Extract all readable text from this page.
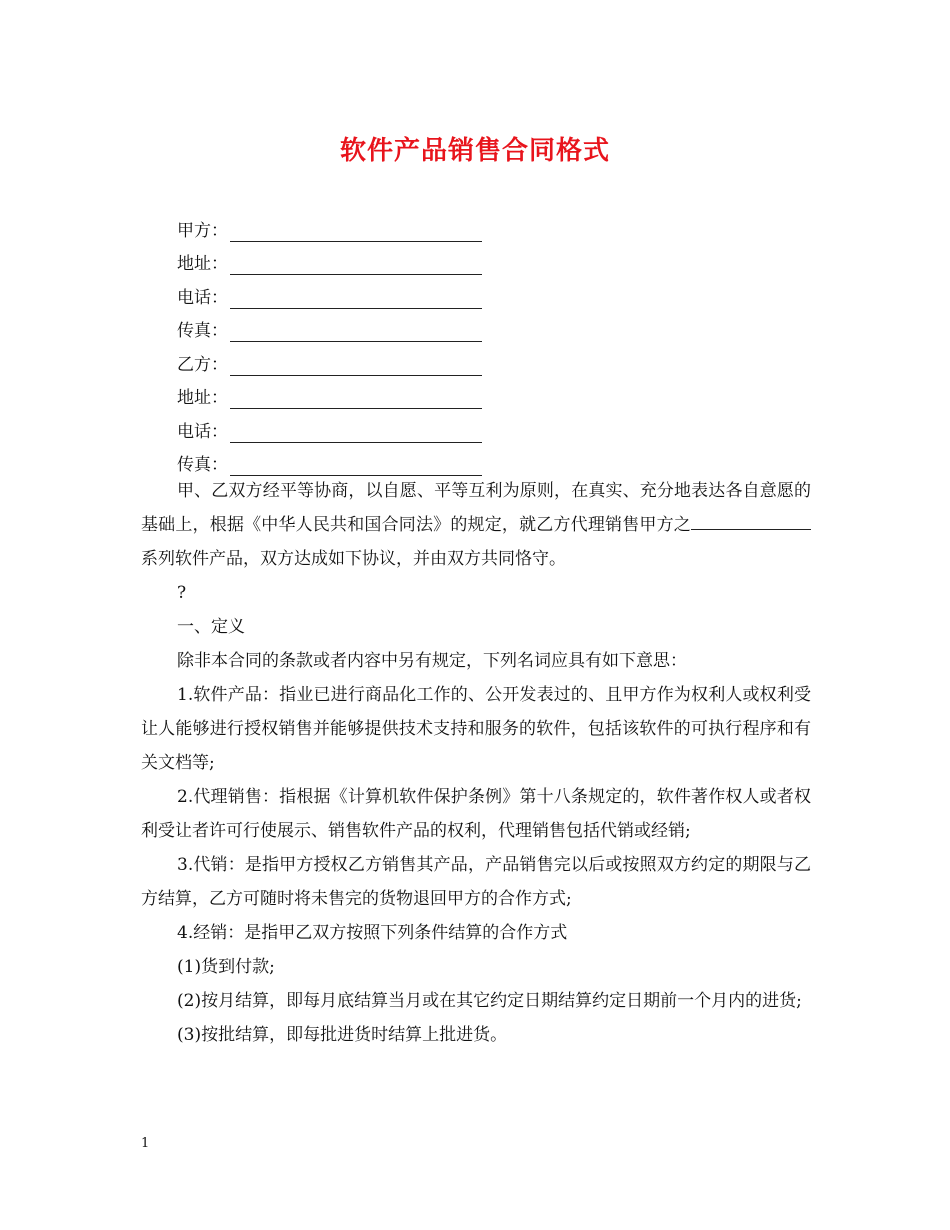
软件产品销售合同格式
甲方：
地址：
电话：
传真：
乙方：
地址：
电话：
传真：

甲、乙双方经平等协商，以自愿、平等互利为原则，在真实、充分地表达各自意愿的基础上，根据《中华人民共和国合同法》的规定，就乙方代理销售甲方之系列软件产品，双方达成如下协议，并由双方共同恪守。

?

一、定义

除非本合同的条款或者内容中另有规定，下列名词应具有如下意思：

1.软件产品：指业已进行商品化工作的、公开发表过的、且甲方作为权利人或权利受让人能够进行授权销售并能够提供技术支持和服务的软件，包括该软件的可执行程序和有关文档等;

2.代理销售：指根据《计算机软件保护条例》第十八条规定的，软件著作权人或者权利受让者许可行使展示、销售软件产品的权利，代理销售包括代销或经销;

3.代销：是指甲方授权乙方销售其产品，产品销售完以后或按照双方约定的期限与乙方结算，乙方可随时将未售完的货物退回甲方的合作方式;

4.经销：是指甲乙双方按照下列条件结算的合作方式

(1)货到付款;

(2)按月结算，即每月底结算当月或在其它约定日期结算约定日期前一个月内的进货;

(3)按批结算，即每批进货时结算上批进货。

1
